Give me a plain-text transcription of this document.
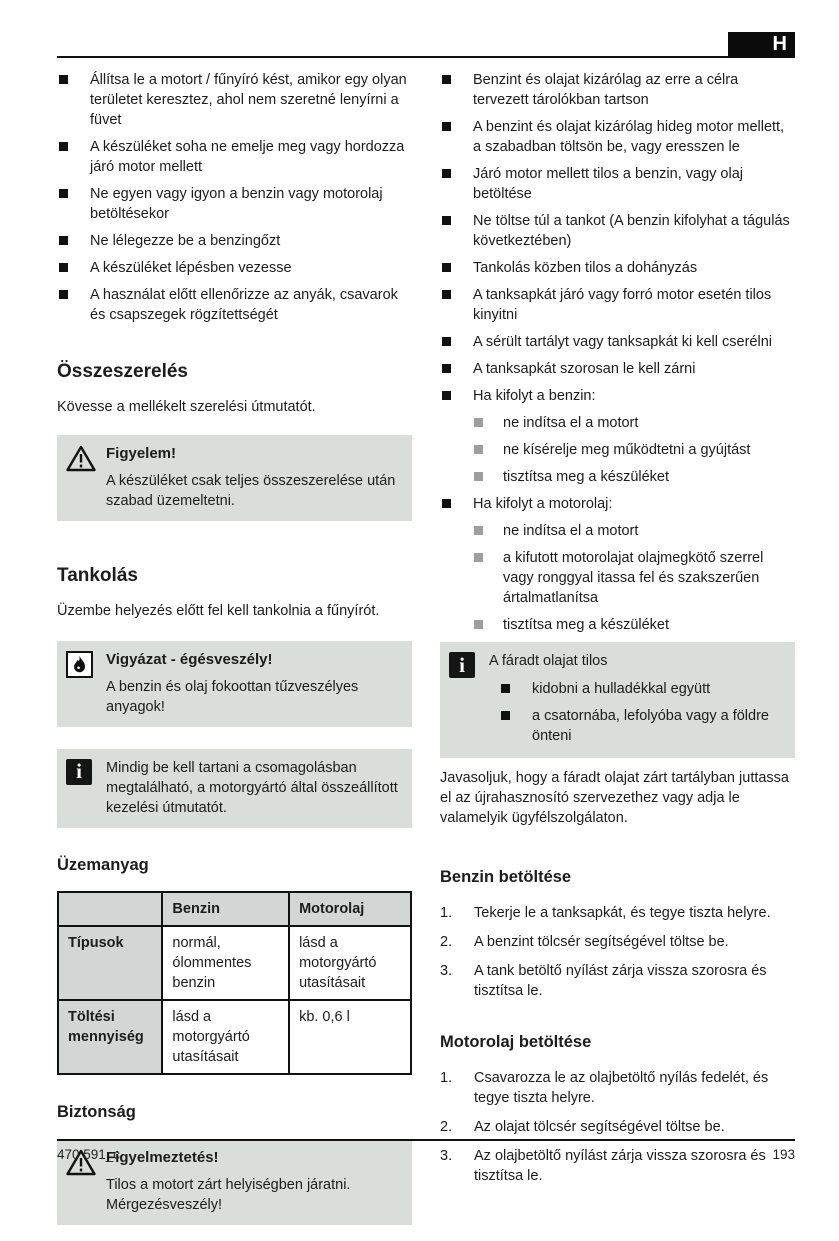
H
Állítsa le a motort / fűnyíró kést, amikor egy olyan területet keresztez, ahol nem szeretné lenyírni a füvet
A készüléket soha ne emelje meg vagy hordozza járó motor mellett
Ne egyen vagy igyon a benzin vagy motorolaj betöltésekor
Ne lélegezze be a benzingőzt
A készüléket lépésben vezesse
A használat előtt ellenőrizze az anyák, csavarok és csapszegek rögzítettségét
Összeszerelés

Kövesse a mellékelt szerelési útmutatót.

Figyelem!
A készüléket csak teljes összeszerelése után szabad üzemeltetni.
Tankolás

Üzembe helyezés előtt fel kell tankolnia a fűnyírót.

Vigyázat - égésveszély!
A benzin és olaj fokoottan tűzveszélyes anyagok!
i Mindig be kell tartani a csomagolásban megtalálható, a motorgyártó által összeállított kezelési útmutatót.
Üzemanyag
	Benzin	Motorolaj
Típusok	normál, ólommentes benzin	lásd a motorgyártó utasításait
Töltési mennyiség	lásd a motorgyártó utasításait	kb. 0,6 l
Biztonság
Figyelmeztetés!
Tilos a motort zárt helyiségben járatni. Mérgezésveszély!
Benzint és olajat kizárólag az erre a célra tervezett tárolókban tartson
A benzint és olajat kizárólag hideg motor mellett, a szabadban töltsön be, vagy eresszen le
Járó motor mellett tilos a benzin, vagy olaj betöltése
Ne töltse túl a tankot (A benzin kifolyhat a tágulás következtében)
Tankolás közben tilos a dohányzás
A tanksapkát járó vagy forró motor esetén tilos kinyitni
A sérült tartályt vagy tanksapkát ki kell cserélni
A tanksapkát szorosan le kell zárni
Ha kifolyt a benzin:
ne indítsa el a motort
ne kísérelje meg működtetni a gyújtást
tisztítsa meg a készüléket
Ha kifolyt a motorolaj:
ne indítsa el a motort
a kifutott motorolajat olajmegkötő szerrel vagy ronggyal itassa fel és szakszerűen ártalmatlanítsa
tisztítsa meg a készüléket
i A fáradt olajat tilos
kidobni a hulladékkal együtt
a csatornába, lefolyóba vagy a földre önteni

Javasoljuk, hogy a fáradt olajat zárt tartályban juttassa el az újrahasznosító szervezethez vagy adja le valamelyik ügyfélszolgálaton.

Benzin betöltése
1.	Tekerje le a tanksapkát, és tegye tiszta helyre.
2.	A benzint tölcsér segítségével töltse be.
3.	A tank betöltő nyílást zárja vissza szorosra és tisztítsa le.
Motorolaj betöltése
1.	Csavarozza le az olajbetöltő nyílás fedelét, és tegye tiszta helyre.
2.	Az olajat tölcsér segítségével töltse be.
3.	Az olajbetöltő nyílást zárja vissza szorosra és tisztítsa le.
470 591_c	193
